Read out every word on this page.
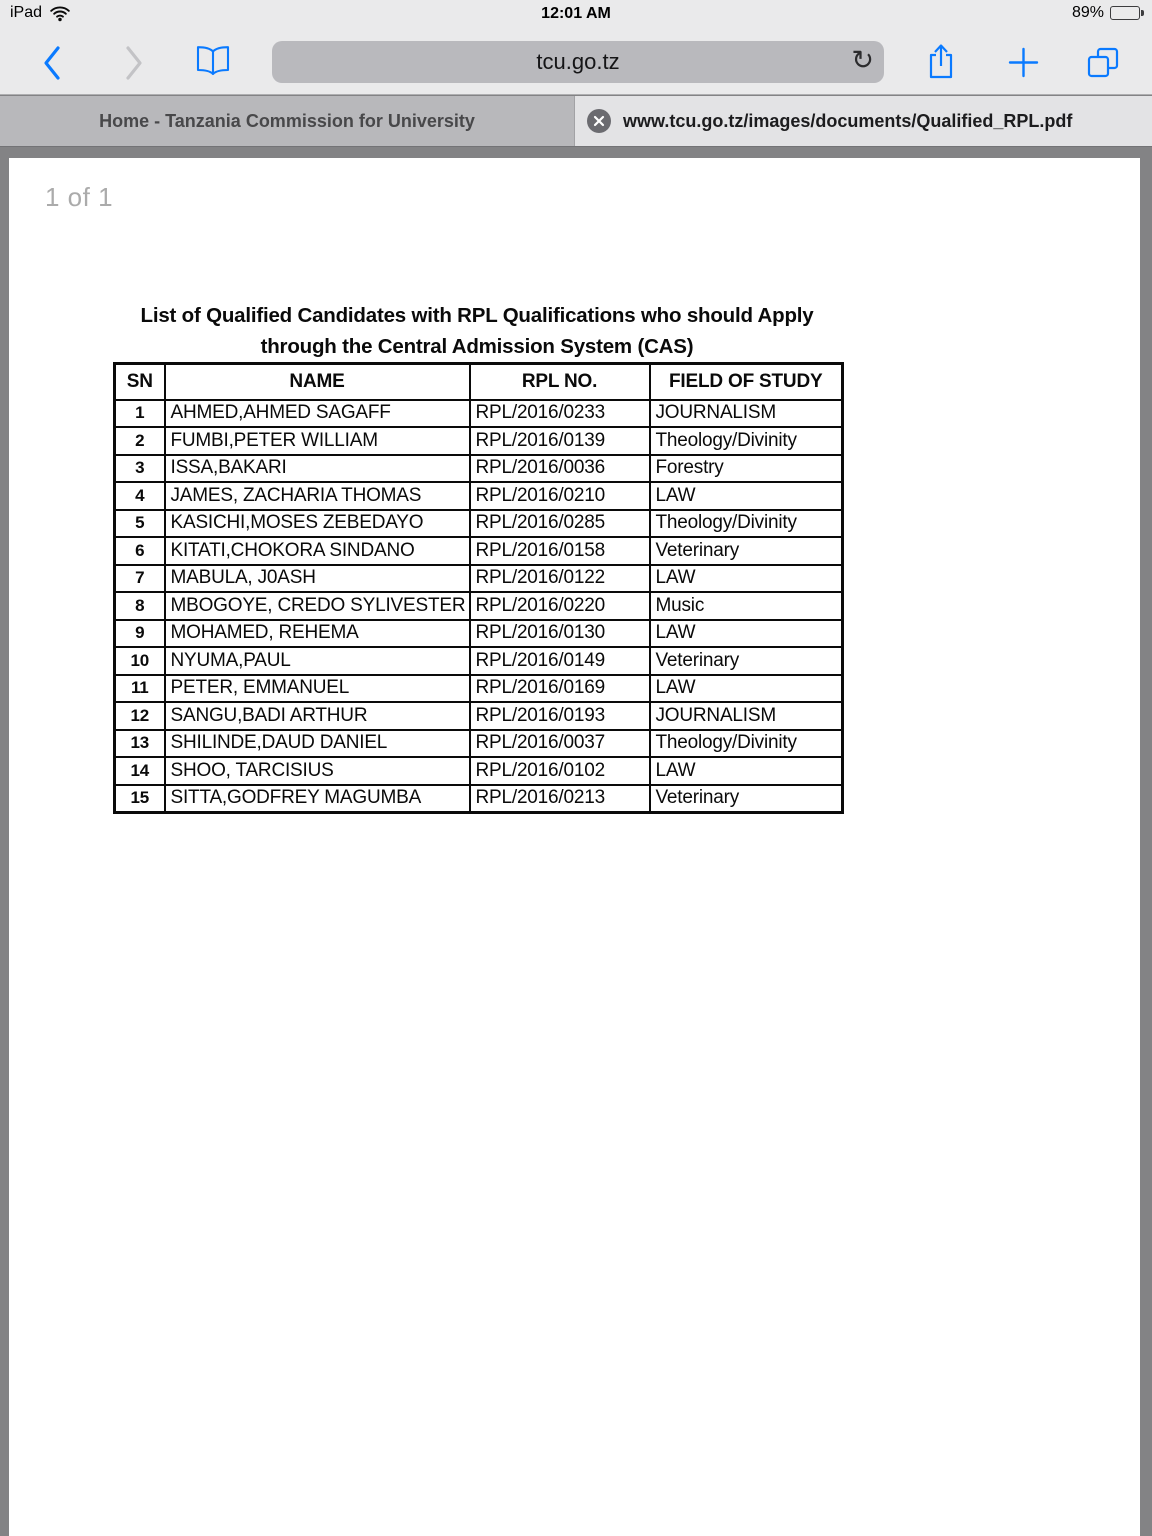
iPad	12:01 AM	89%
tcu.go.tz	↻
Home - Tanzania Commission for University	www.tcu.go.tz/images/documents/Qualified_RPL.pdf
1 of 1
List of Qualified Candidates with RPL Qualifications who should Apply
through the Central Admission System (CAS)
SN	NAME	RPL NO.	FIELD OF STUDY
1	AHMED,AHMED SAGAFF	RPL/2016/0233	JOURNALISM
2	FUMBI,PETER WILLIAM	RPL/2016/0139	Theology/Divinity
3	ISSA,BAKARI	RPL/2016/0036	Forestry
4	JAMES, ZACHARIA THOMAS	RPL/2016/0210	LAW
5	KASICHI,MOSES ZEBEDAYO	RPL/2016/0285	Theology/Divinity
6	KITATI,CHOKORA SINDANO	RPL/2016/0158	Veterinary
7	MABULA, J0ASH	RPL/2016/0122	LAW
8	MBOGOYE, CREDO SYLIVESTER	RPL/2016/0220	Music
9	MOHAMED, REHEMA	RPL/2016/0130	LAW
10	NYUMA,PAUL	RPL/2016/0149	Veterinary
11	PETER, EMMANUEL	RPL/2016/0169	LAW
12	SANGU,BADI ARTHUR	RPL/2016/0193	JOURNALISM
13	SHILINDE,DAUD DANIEL	RPL/2016/0037	Theology/Divinity
14	SHOO, TARCISIUS	RPL/2016/0102	LAW
15	SITTA,GODFREY MAGUMBA	RPL/2016/0213	Veterinary
